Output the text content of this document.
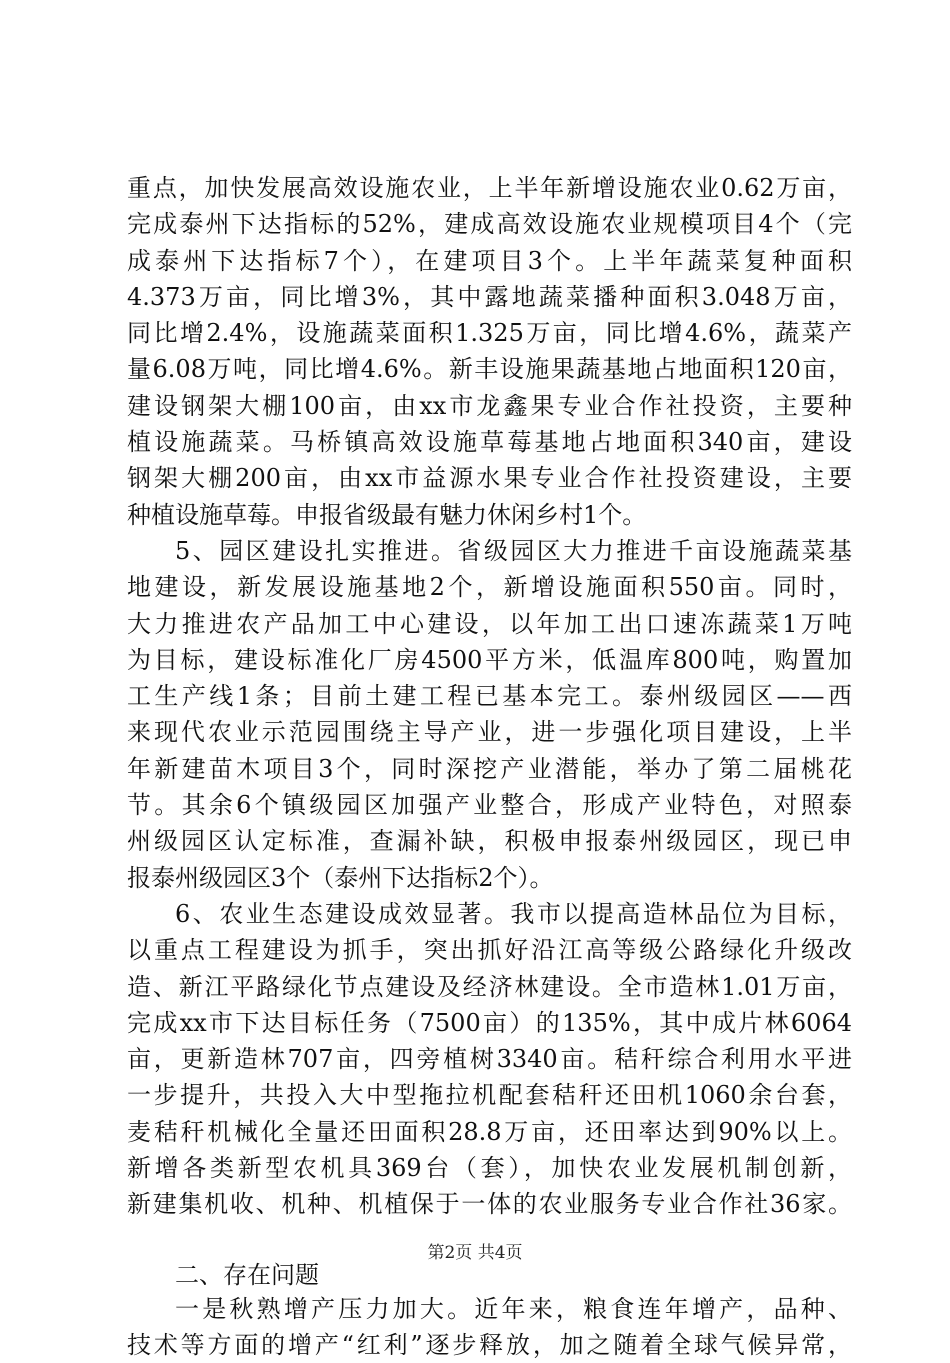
重点，加快发展高效设施农业，上半年新增设施农业0.62万亩，
完成泰州下达指标的52%，建成高效设施农业规模项目4个（完
成泰州下达指标7个），在建项目3个。上半年蔬菜复种面积
4.373万亩，同比增3%，其中露地蔬菜播种面积3.048万亩，
同比增2.4%，设施蔬菜面积1.325万亩，同比增4.6%，蔬菜产
量6.08万吨，同比增4.6%。新丰设施果蔬基地占地面积120亩，
建设钢架大棚100亩，由xx市龙鑫果专业合作社投资，主要种
植设施蔬菜。马桥镇高效设施草莓基地占地面积340亩，建设
钢架大棚200亩，由xx市益源水果专业合作社投资建设，主要
种植设施草莓。申报省级最有魅力休闲乡村1个。
5、园区建设扎实推进。省级园区大力推进千亩设施蔬菜基
地建设，新发展设施基地2个，新增设施面积550亩。同时，
大力推进农产品加工中心建设，以年加工出口速冻蔬菜1万吨
为目标，建设标准化厂房4500平方米，低温库800吨，购置加
工生产线1条；目前土建工程已基本完工。泰州级园区——西
来现代农业示范园围绕主导产业，进一步强化项目建设，上半
年新建苗木项目3个，同时深挖产业潜能，举办了第二届桃花
节。其余6个镇级园区加强产业整合，形成产业特色，对照泰
州级园区认定标准，查漏补缺，积极申报泰州级园区，现已申
报泰州级园区3个（泰州下达指标2个）。
6、农业生态建设成效显著。我市以提高造林品位为目标，
以重点工程建设为抓手，突出抓好沿江高等级公路绿化升级改
造、新江平路绿化节点建设及经济林建设。全市造林1.01万亩，
完成xx市下达目标任务（7500亩）的135%，其中成片林6064
亩，更新造林707亩，四旁植树3340亩。秸秆综合利用水平进
一步提升，共投入大中型拖拉机配套秸秆还田机1060余台套，
麦秸秆机械化全量还田面积28.8万亩，还田率达到90%以上。
新增各类新型农机具369台（套），加快农业发展机制创新，
新建集机收、机种、机植保于一体的农业服务专业合作社36家。
二、存在问题
一是秋熟增产压力加大。近年来，粮食连年增产，品种、
技术等方面的增产“红利”逐步释放，加之随着全球气候异常，
第2页 共4页
